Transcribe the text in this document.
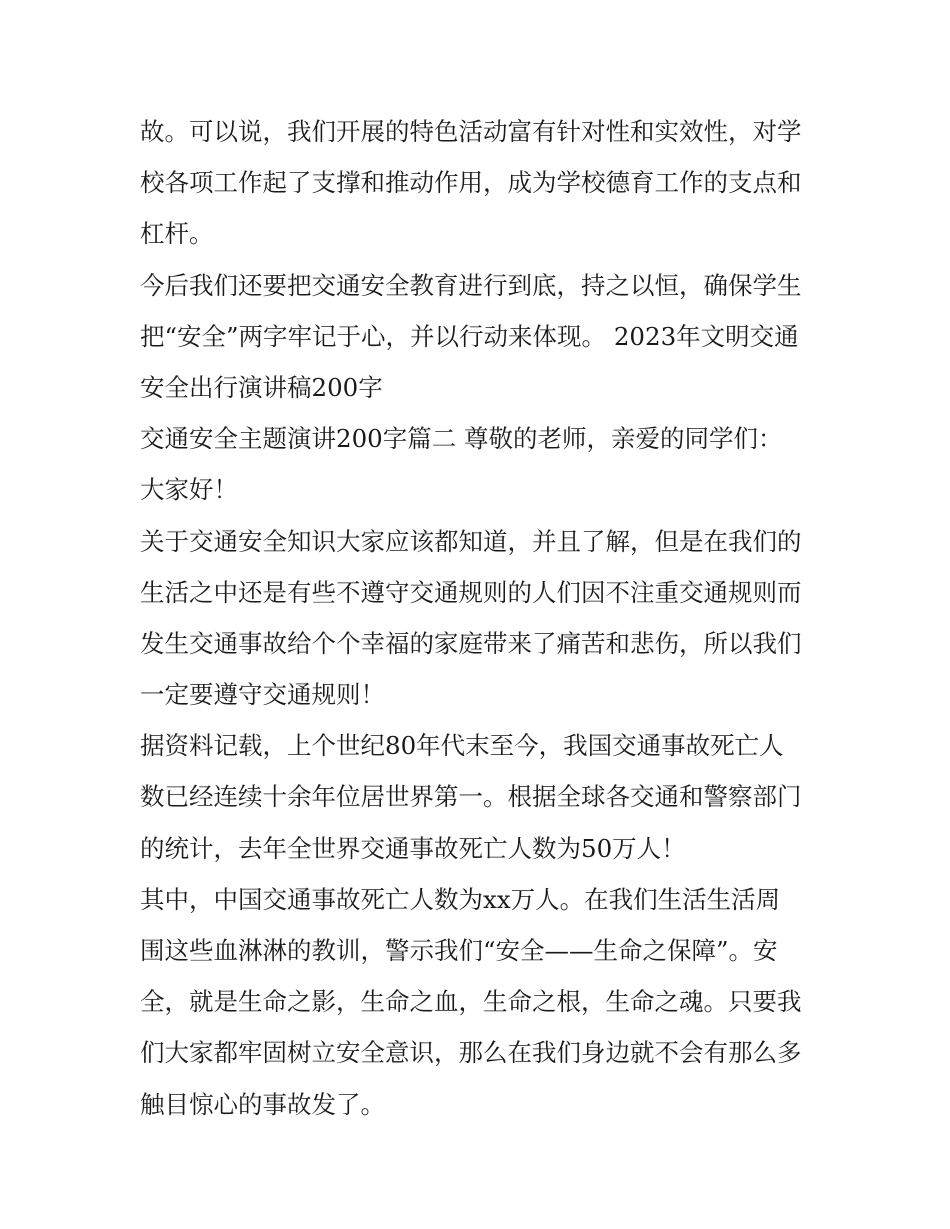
故。可以说，我们开展的特色活动富有针对性和实效性，对学
校各项工作起了支撑和推动作用，成为学校德育工作的支点和
杠杆。
今后我们还要把交通安全教育进行到底，持之以恒，确保学生
把“安全”两字牢记于心，并以行动来体现。 2023年文明交通
安全出行演讲稿200字
交通安全主题演讲200字篇二 尊敬的老师，亲爱的同学们：
大家好！
关于交通安全知识大家应该都知道，并且了解，但是在我们的
生活之中还是有些不遵守交通规则的人们因不注重交通规则而
发生交通事故给个个幸福的家庭带来了痛苦和悲伤，所以我们
一定要遵守交通规则！
据资料记载，上个世纪80年代末至今，我国交通事故死亡人
数已经连续十余年位居世界第一。根据全球各交通和警察部门
的统计，去年全世界交通事故死亡人数为50万人！
其中，中国交通事故死亡人数为xx万人。在我们生活生活周
围这些血淋淋的教训，警示我们“安全——生命之保障”。安
全，就是生命之影，生命之血，生命之根，生命之魂。只要我
们大家都牢固树立安全意识，那么在我们身边就不会有那么多
触目惊心的事故发了。
